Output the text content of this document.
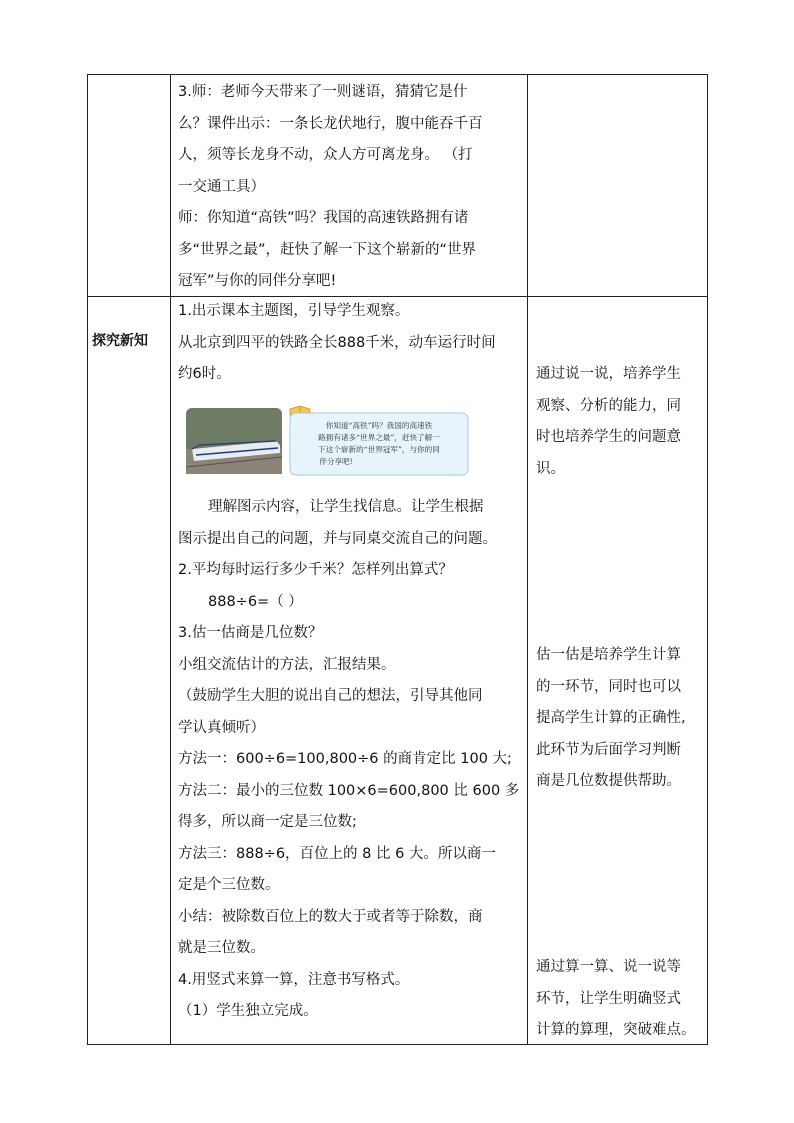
3.师：老师今天带来了一则谜语，猜猜它是什
么？课件出示：一条长龙伏地行，腹中能吞千百
人，须等长龙身不动，众人方可离龙身。 （打
一交通工具）
师：你知道“高铁”吗？我国的高速铁路拥有诸
多“世界之最”，赶快了解一下这个崭新的“世界
冠军”与你的同伴分享吧!
探究新知
1.出示课本主题图，引导学生观察。
从北京到四平的铁路全长888千米，动车运行时间
约6时。
你知道“高铁”吗？我国的高速铁
路拥有诸多“世界之最”，赶快了解一
下这个崭新的“世界冠军”，与你的同
伴分享吧!
理解图示内容，让学生找信息。让学生根据
图示提出自己的问题，并与同桌交流自己的问题。
2.平均每时运行多少千米？怎样列出算式？
888÷6=（ ）
3.估一估商是几位数？
小组交流估计的方法，汇报结果。
（鼓励学生大胆的说出自己的想法，引导其他同
学认真倾听）
方法一：600÷6=100,800÷6 的商肯定比 100 大;
方法二：最小的三位数 100×6=600,800 比 600 多
得多，所以商一定是三位数;
方法三：888÷6，百位上的 8 比 6 大。所以商一
定是个三位数。
小结：被除数百位上的数大于或者等于除数，商
就是三位数。
4.用竖式来算一算，注意书写格式。
（1）学生独立完成。
通过说一说，培养学生
观察、分析的能力，同
时也培养学生的问题意
识。
估一估是培养学生计算
的一环节，同时也可以
提高学生计算的正确性,
此环节为后面学习判断
商是几位数提供帮助。
通过算一算、说一说等
环节，让学生明确竖式
计算的算理，突破难点。
